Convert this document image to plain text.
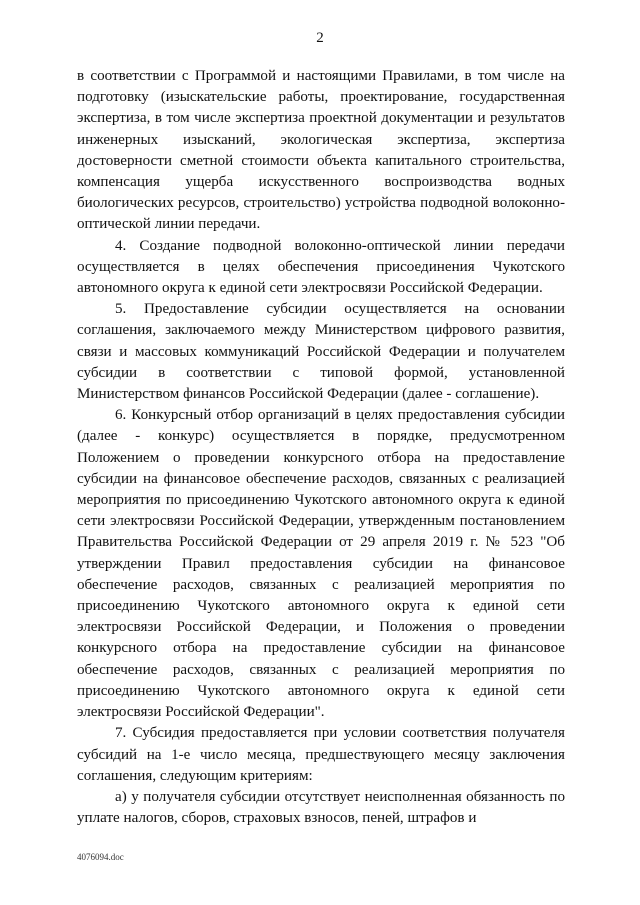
2

в соответствии с Программой и настоящими Правилами, в том числе на подготовку (изыскательские работы, проектирование, государственная экспертиза, в том числе экспертиза проектной документации и результатов инженерных изысканий, экологическая экспертиза, экспертиза достоверности сметной стоимости объекта капитального строительства, компенсация ущерба искусственного воспроизводства водных биологических ресурсов, строительство) устройства подводной волоконно-оптической линии передачи.

4. Создание подводной волоконно-оптической линии передачи осуществляется в целях обеспечения присоединения Чукотского автономного округа к единой сети электросвязи Российской Федерации.

5. Предоставление субсидии осуществляется на основании соглашения, заключаемого между Министерством цифрового развития, связи и массовых коммуникаций Российской Федерации и получателем субсидии в соответствии с типовой формой, установленной Министерством финансов Российской Федерации (далее - соглашение).

6. Конкурсный отбор организаций в целях предоставления субсидии (далее - конкурс) осуществляется в порядке, предусмотренном Положением о проведении конкурсного отбора на предоставление субсидии на финансовое обеспечение расходов, связанных с реализацией мероприятия по присоединению Чукотского автономного округа к единой сети электросвязи Российской Федерации, утвержденным постановлением Правительства Российской Федерации от 29 апреля 2019 г. № 523 "Об утверждении Правил предоставления субсидии на финансовое обеспечение расходов, связанных с реализацией мероприятия по присоединению Чукотского автономного округа к единой сети электросвязи Российской Федерации, и Положения о проведении конкурсного отбора на предоставление субсидии на финансовое обеспечение расходов, связанных с реализацией мероприятия по присоединению Чукотского автономного округа к единой сети электросвязи Российской Федерации".

7. Субсидия предоставляется при условии соответствия получателя субсидий на 1-е число месяца, предшествующего месяцу заключения соглашения, следующим критериям:

а) у получателя субсидии отсутствует неисполненная обязанность по уплате налогов, сборов, страховых взносов, пеней, штрафов и

4076094.doc
